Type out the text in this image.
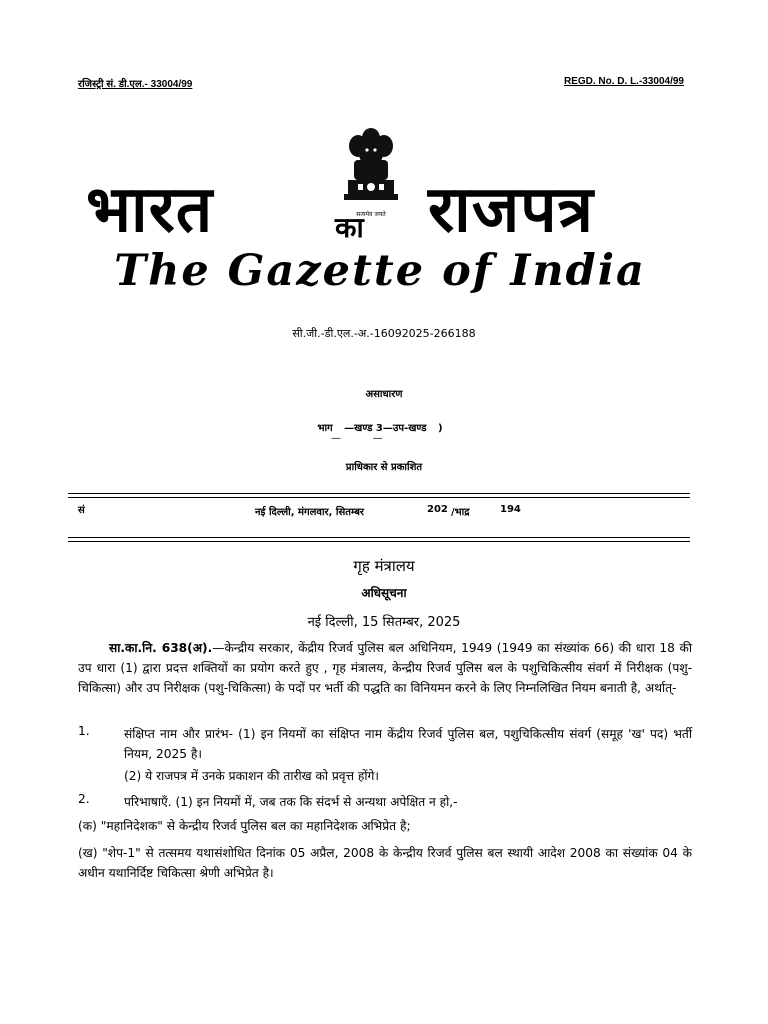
रजिस्ट्री सं. डी.एल.- 33004/99	REGD. No. D. L.-33004/99
सत्यमेव जयते
भारत	का राजपत्र
The Gazette of India
सी.जी.-डी.एल.-अ.-16092025-266188
असाधारण
भाग —खण्ड 3—उप-खण्ड )
—          —
प्राधिकार से प्रकाशित
सं	नई दिल्ली, मंगलवार, सितम्बर	202 /भाद्र	194
गृह मंत्रालय
अधिसूचना
नई दिल्ली, 15 सितम्बर, 2025
सा.का.नि. 638(अ).—केन्द्रीय सरकार, केंद्रीय रिजर्व पुलिस बल अधिनियम, 1949 (1949 का संख्यांक 66) की धारा 18 की उप धारा (1) द्वारा प्रदत्त शक्तियों का प्रयोग करते हुए , गृह मंत्रालय, केन्द्रीय रिजर्व पुलिस बल के पशुचिकित्सीय संवर्ग में निरीक्षक (पशु-चिकित्सा) और उप निरीक्षक (पशु-चिकित्सा) के पदों पर भर्ती की पद्धति का विनियमन करने के लिए निम्नलिखित नियम बनाती है, अर्थात्-
1.	संक्षिप्त नाम और प्रारंभ- (1) इन नियमों का संक्षिप्त नाम केंद्रीय रिजर्व पुलिस बल, पशुचिकित्सीय संवर्ग (समूह 'ख' पद) भर्ती नियम, 2025 है।
(2) ये राजपत्र में उनके प्रकाशन की तारीख को प्रवृत्त होंगे।
2.	परिभाषाएँ. (1) इन नियमों में, जब तक कि संदर्भ से अन्यथा अपेक्षित न हो,-
(क) "महानिदेशक" से केन्द्रीय रिजर्व पुलिस बल का महानिदेशक अभिप्रेत है;
(ख) "शेप-1" से तत्समय यथासंशोधित दिनांक 05 अप्रैल, 2008 के केन्द्रीय रिजर्व पुलिस बल स्थायी आदेश 2008 का संख्यांक 04 के अधीन यथानिर्दिष्ट चिकित्सा श्रेणी अभिप्रेत है।
